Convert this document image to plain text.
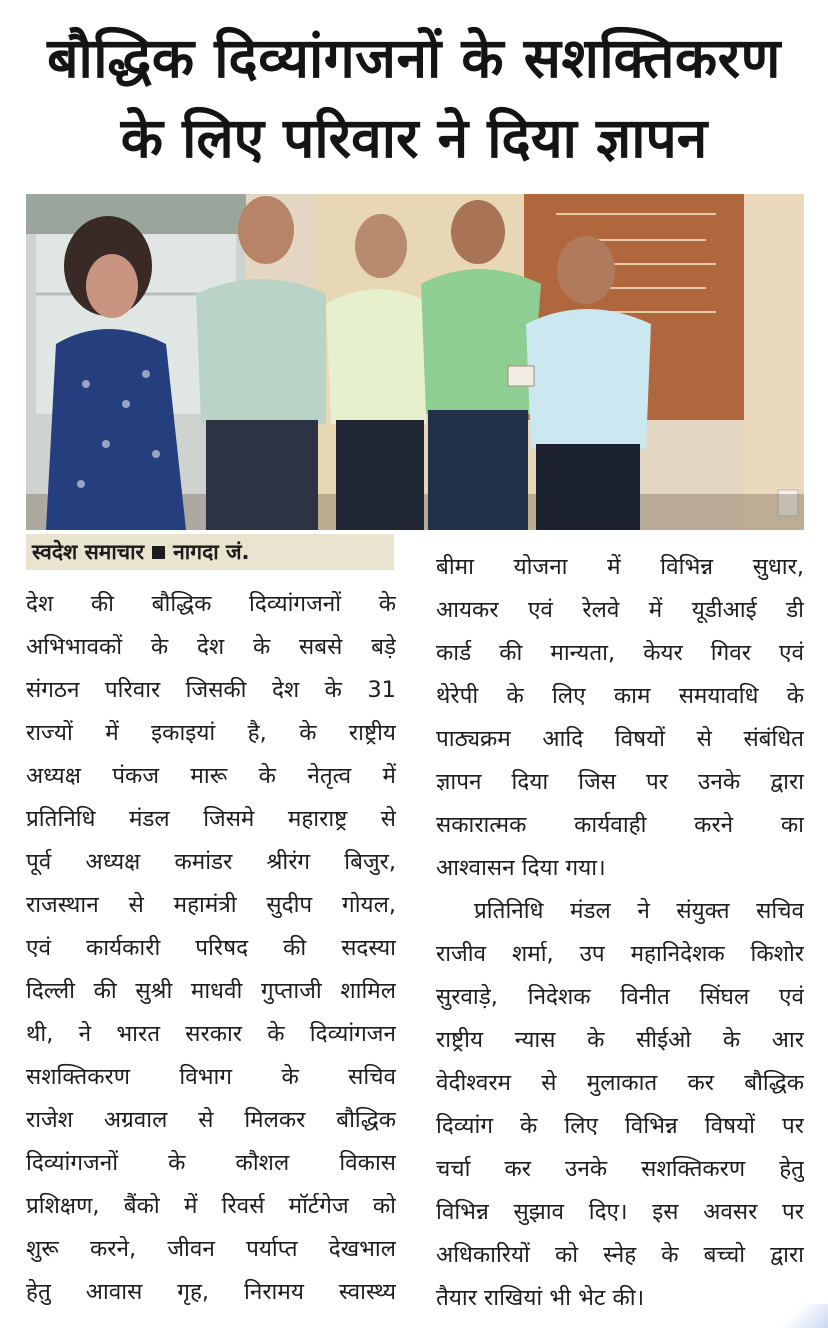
बौद्धिक दिव्यांगजनों के सशक्तिकरण
के लिए परिवार ने दिया ज्ञापन
स्वदेश समाचार नागदा जं.
देश की बौद्धिक दिव्यांगजनों के
अभिभावकों के देश के सबसे बड़े
संगठन परिवार जिसकी देश के 31
राज्यों में इकाइयां है, के राष्ट्रीय
अध्यक्ष पंकज मारू के नेतृत्व में
प्रतिनिधि मंडल जिसमे महाराष्ट्र से
पूर्व अध्यक्ष कमांडर श्रीरंग बिजुर,
राजस्थान से महामंत्री सुदीप गोयल,
एवं कार्यकारी परिषद की सदस्या
दिल्ली की सुश्री माधवी गुप्ताजी शामिल
थी, ने भारत सरकार के दिव्यांगजन
सशक्तिकरण विभाग के सचिव
राजेश अग्रवाल से मिलकर बौद्धिक
दिव्यांगजनों के कौशल विकास
प्रशिक्षण, बैंको में रिवर्स मॉर्टगेज को
शुरू करने, जीवन पर्याप्त देखभाल
हेतु आवास गृह, निरामय स्वास्थ्य
बीमा योजना में विभिन्न सुधार,
आयकर एवं रेलवे में यूडीआई डी
कार्ड की मान्यता, केयर गिवर एवं
थेरेपी के लिए काम समयावधि के
पाठ्यक्रम आदि विषयों से संबंधित
ज्ञापन दिया जिस पर उनके द्वारा
सकारात्मक कार्यवाही करने का
आश्वासन दिया गया।
प्रतिनिधि मंडल ने संयुक्त सचिव
राजीव शर्मा, उप महानिदेशक किशोर
सुरवाड़े, निदेशक विनीत सिंघल एवं
राष्ट्रीय न्यास के सीईओ के आर
वेदीश्वरम से मुलाकात कर बौद्धिक
दिव्यांग के लिए विभिन्न विषयों पर
चर्चा कर उनके सशक्तिकरण हेतु
विभिन्न सुझाव दिए। इस अवसर पर
अधिकारियों को स्नेह के बच्चो द्वारा
तैयार राखियां भी भेट की।
